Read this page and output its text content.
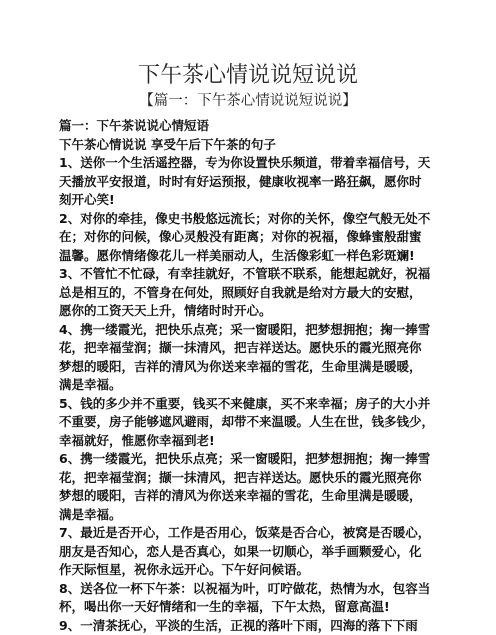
下午茶心情说说短说说
【篇一：下午茶心情说说短说说】
篇一：下午茶说说心情短语
下午茶心情说说 享受午后下午茶的句子
1、送你一个生活遥控器，专为你设置快乐频道，带着幸福信号，天
天播放平安报道，时时有好运预报，健康收视率一路狂飙，愿你时
刻开心笑!
2、对你的牵挂，像史书般悠远流长；对你的关怀，像空气般无处不
在；对你的问候，像心灵般没有距离；对你的祝福，像蜂蜜般甜蜜
温馨。愿你情绪像花儿一样美丽动人，生活像彩虹一样色彩斑斓!
3、不管忙不忙碌，有幸挂就好，不管联不联系，能想起就好，祝福
总是相互的，不管身在何处，照顾好自我就是给对方最大的安慰，
愿你的工资天天上升，情绪时时开心。
4、携一缕霞光，把快乐点亮；采一窗暖阳，把梦想拥抱；掬一捧雪
花，把幸福莹润；撷一抹清风，把吉祥送达。愿快乐的霞光照亮你
梦想的暖阳，吉祥的清风为你送来幸福的雪花，生命里满是暖暖，
满是幸福。
5、钱的多少并不重要，钱买不来健康，买不来幸福；房子的大小并
不重要，房子能够遮风避雨，却带不来温暖。人生在世，钱多钱少，
幸福就好，惟愿你幸福到老!
6、携一缕霞光，把快乐点亮；采一窗暖阳，把梦想拥抱；掬一捧雪
花，把幸福莹润；撷一抹清风，把吉祥送达。愿快乐的霞光照亮你
梦想的暖阳，吉祥的清风为你送来幸福的雪花，生命里满是暖暖，
满是幸福。
7、最近是否开心，工作是否用心，饭菜是否合心，被窝是否暖心，
朋友是否知心，恋人是否真心，如果一切顺心，举手画颗爱心，化
作天际恒星，祝你永远开心。下午好问候语。
8、送各位一杯下午茶：以祝福为叶，叮咛做花，热情为水，包容当
杯，喝出你一天好情绪和一生的幸福，下午太热，留意高温!
9、一清茶抚心，平淡的生活，正视的落叶下雨，四海的落下下雨
